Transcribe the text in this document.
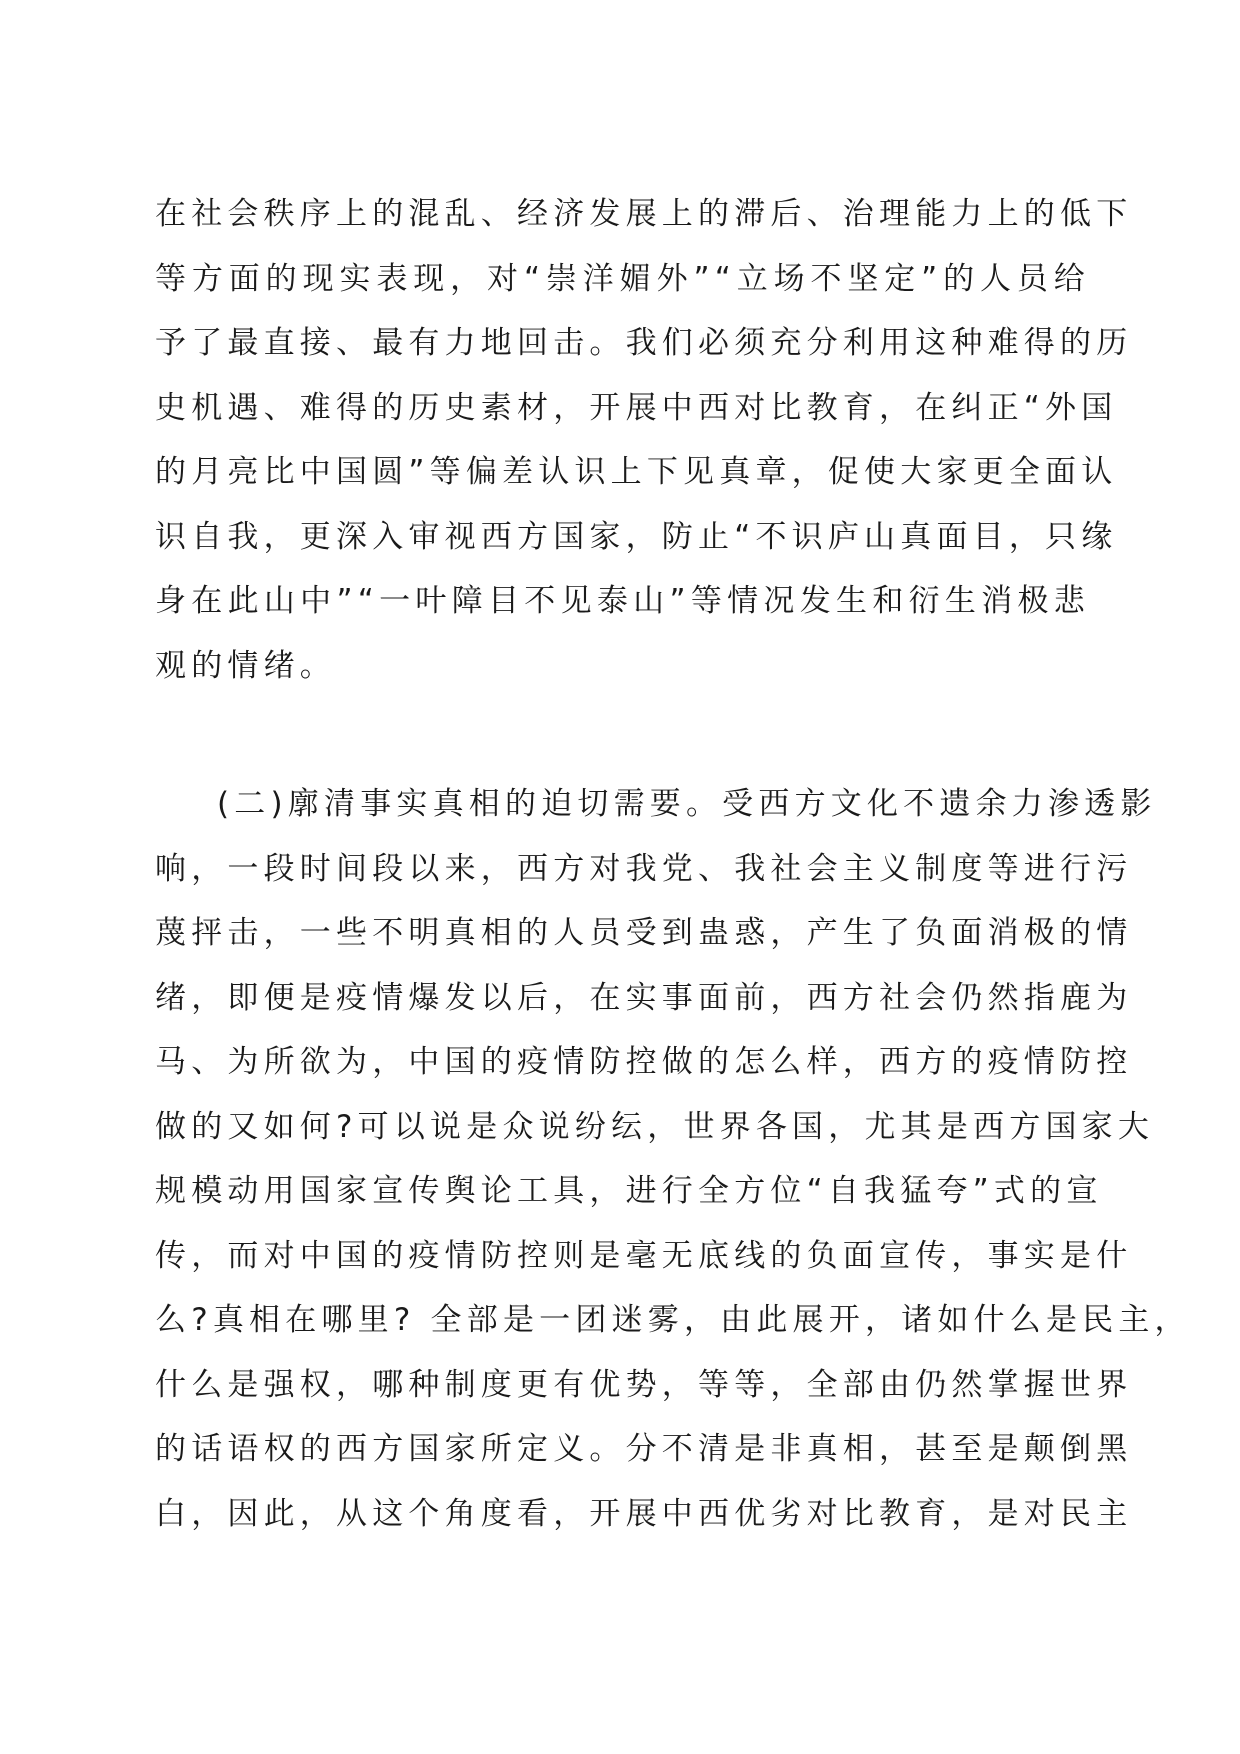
在社会秩序上的混乱、经济发展上的滞后、治理能力上的低下
等方面的现实表现，对“崇洋媚外”“立场不坚定”的人员给
予了最直接、最有力地回击。我们必须充分利用这种难得的历
史机遇、难得的历史素材，开展中西对比教育，在纠正“外国
的月亮比中国圆”等偏差认识上下见真章，促使大家更全面认
识自我，更深入审视西方国家，防止“不识庐山真面目，只缘
身在此山中”“一叶障目不见泰山”等情况发生和衍生消极悲
观的情绪。
(二)廓清事实真相的迫切需要。受西方文化不遗余力渗透影
响，一段时间段以来，西方对我党、我社会主义制度等进行污
蔑抨击，一些不明真相的人员受到蛊惑，产生了负面消极的情
绪，即便是疫情爆发以后，在实事面前，西方社会仍然指鹿为
马、为所欲为，中国的疫情防控做的怎么样，西方的疫情防控
做的又如何?可以说是众说纷纭，世界各国，尤其是西方国家大
规模动用国家宣传舆论工具，进行全方位“自我猛夸”式的宣
传，而对中国的疫情防控则是毫无底线的负面宣传，事实是什
么?真相在哪里? 全部是一团迷雾，由此展开，诸如什么是民主，
什么是强权，哪种制度更有优势，等等，全部由仍然掌握世界
的话语权的西方国家所定义。分不清是非真相，甚至是颠倒黑
白，因此，从这个角度看，开展中西优劣对比教育，是对民主
